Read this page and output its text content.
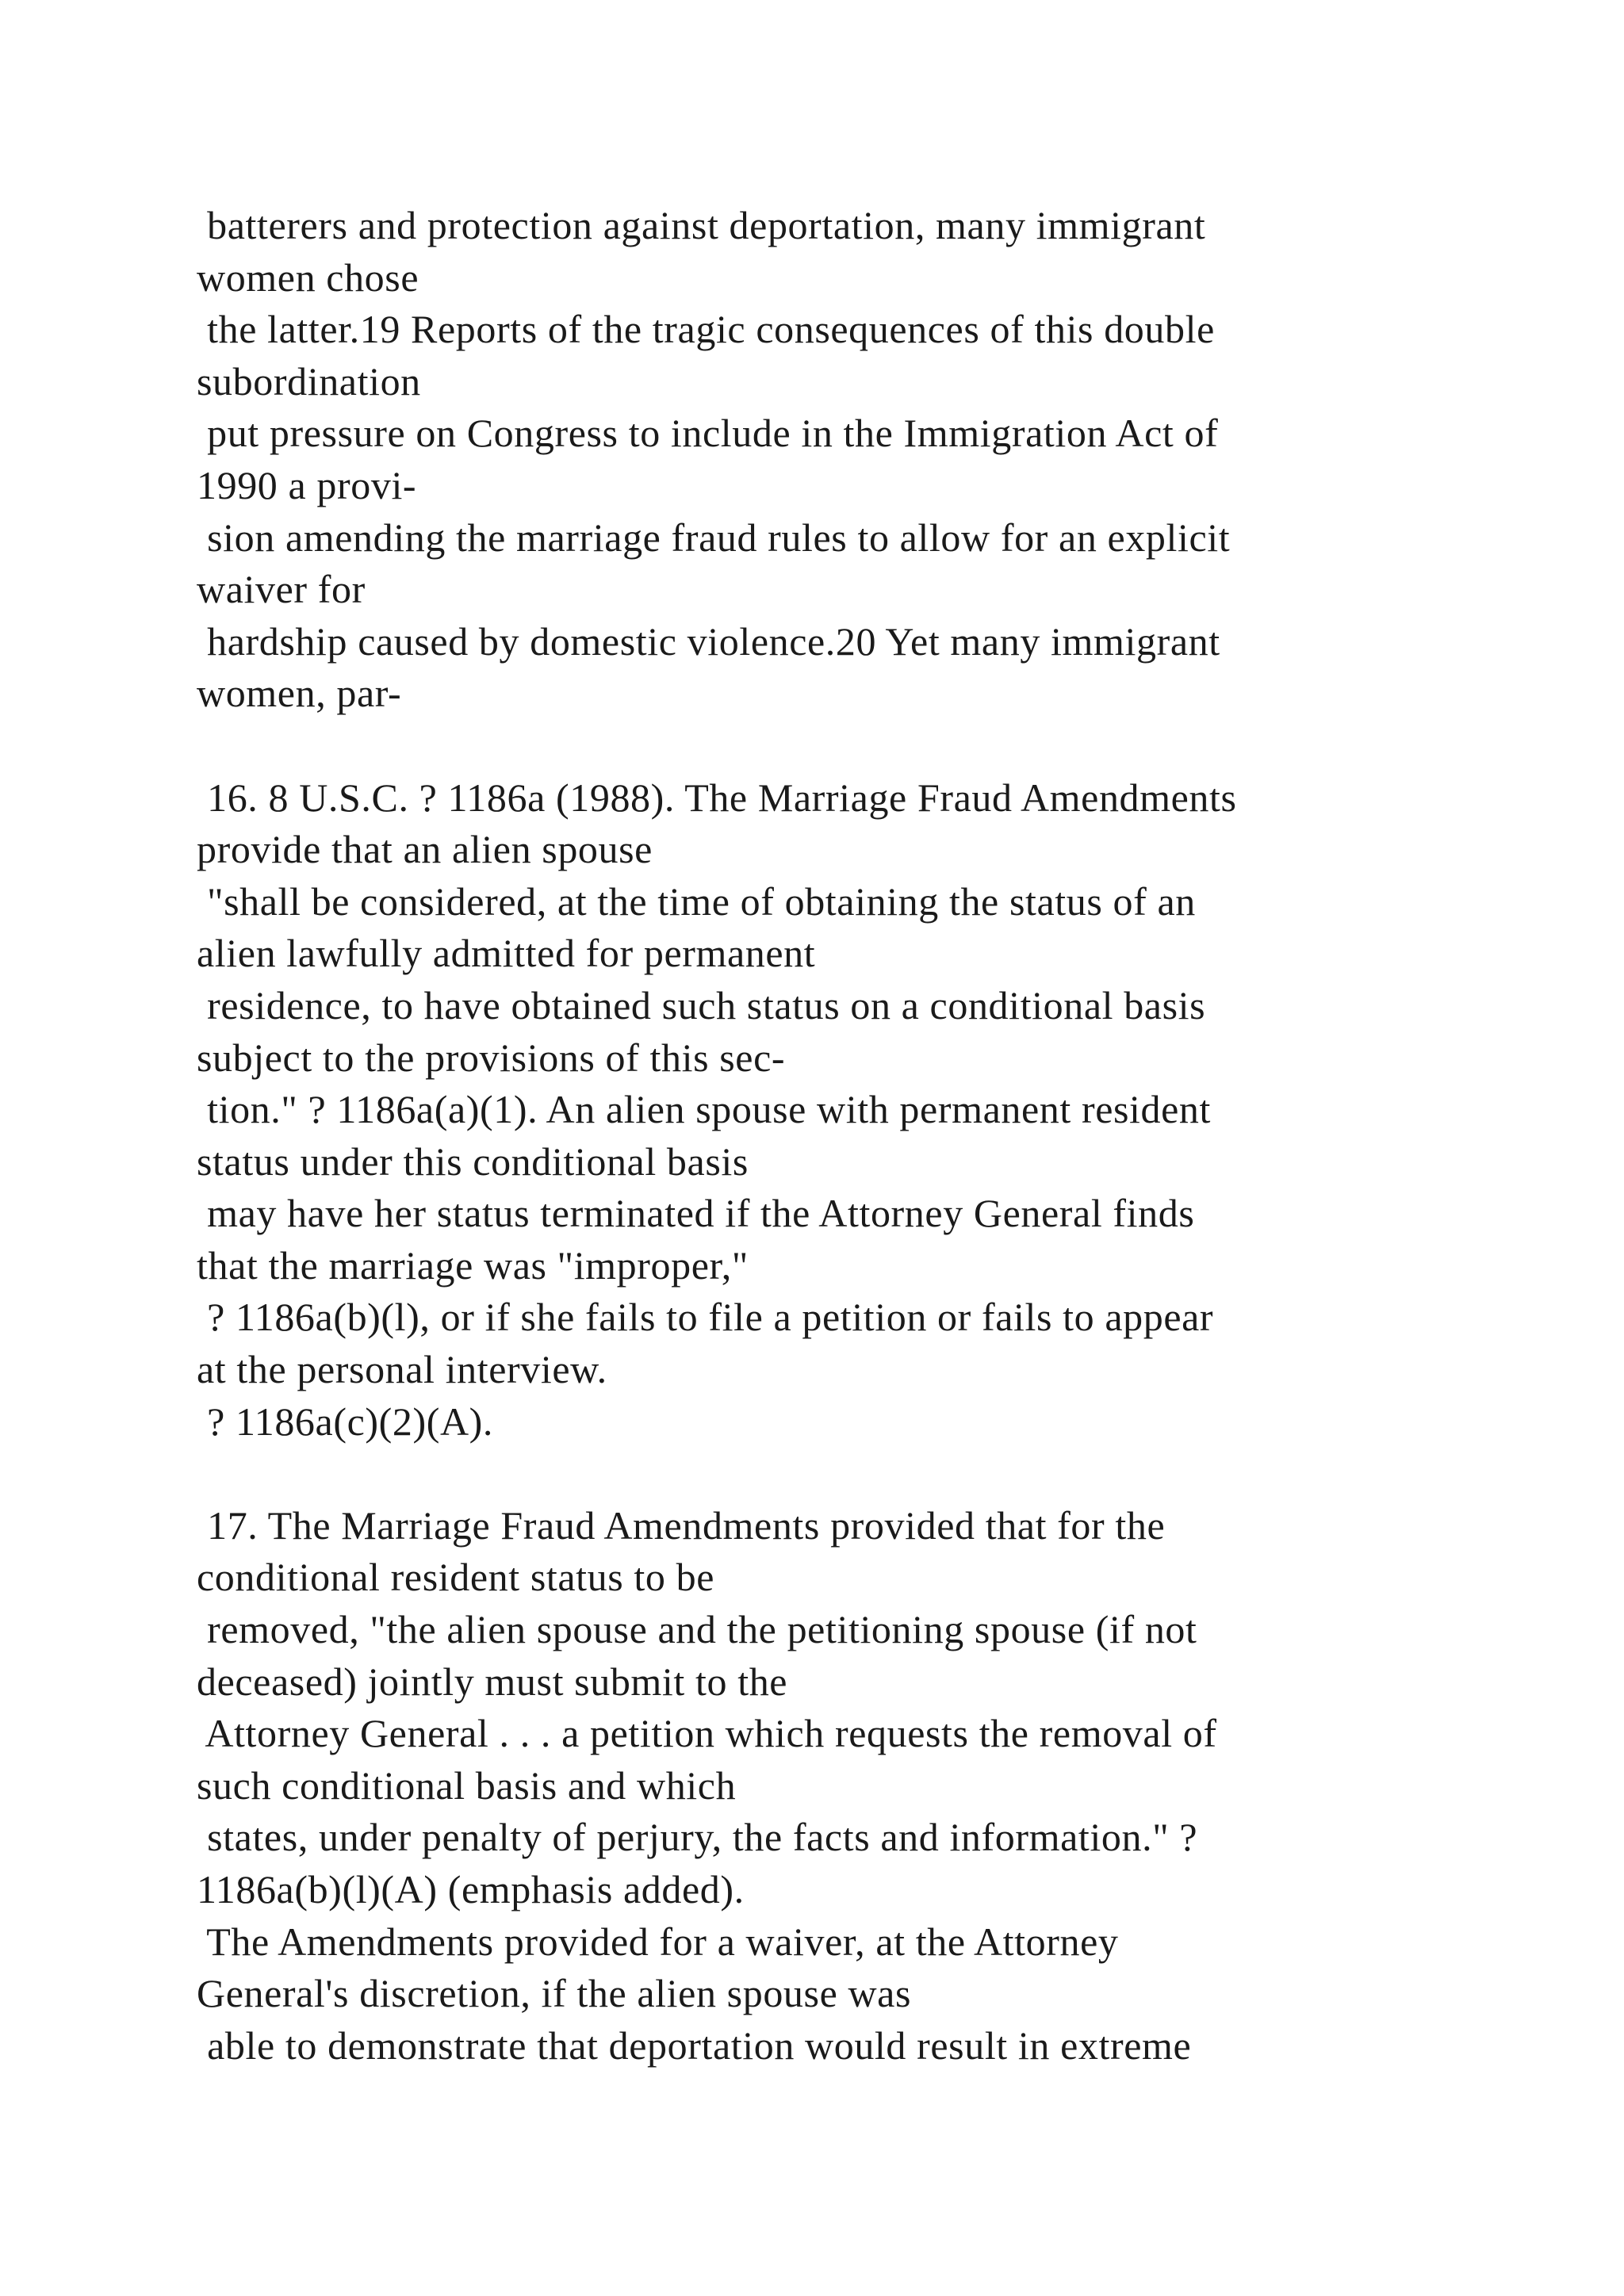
batterers and protection against deportation, many immigrant
women chose
the latter.19 Reports of the tragic consequences of this double
subordination
put pressure on Congress to include in the Immigration Act of
1990 a provi-
sion amending the marriage fraud rules to allow for an explicit
waiver for
hardship caused by domestic violence.20 Yet many immigrant
women, par-
16. 8 U.S.C. ? 1186a (1988). The Marriage Fraud Amendments
provide that an alien spouse
"shall be considered, at the time of obtaining the status of an
alien lawfully admitted for permanent
residence, to have obtained such status on a conditional basis
subject to the provisions of this sec-
tion." ? 1186a(a)(1). An alien spouse with permanent resident
status under this conditional basis
may have her status terminated if the Attorney General finds
that the marriage was "improper,"
? 1186a(b)(l), or if she fails to file a petition or fails to appear
at the personal interview.
? 1186a(c)(2)(A).
17. The Marriage Fraud Amendments provided that for the
conditional resident status to be
removed, "the alien spouse and the petitioning spouse (if not
deceased) jointly must submit to the
Attorney General . . . a petition which requests the removal of
such conditional basis and which
states, under penalty of perjury, the facts and information." ?
1186a(b)(l)(A) (emphasis added).
The Amendments provided for a waiver, at the Attorney
General's discretion, if the alien spouse was
able to demonstrate that deportation would result in extreme
